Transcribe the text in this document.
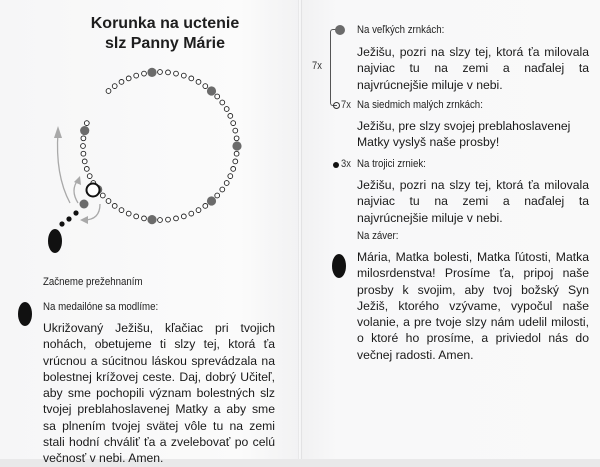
Korunka na uctenie
slz Panny Márie
Začneme prežehnaním
Na medailóne sa modlíme:
Ukrižovaný Ježišu, kľačiac pri tvojich nohách, obetujeme ti slzy tej, ktorá ťa vrúcnou a súcitnou láskou sprevádzala na bolestnej krížovej ceste. Daj, dobrý Učiteľ, aby sme pochopili význam bolestných slz tvojej preblahoslavenej Matky a aby sme sa plnením tvojej svätej vôle tu na zemi stali hodní chváliť ťa a zvelebovať po celú večnosť v nebi. Amen.
7x
Na veľkých zrnkách:
Ježišu, pozri na slzy tej, ktorá ťa milovala najviac tu na zemi a naďalej ta najvrúcnejšie miluje v nebi.
7x Na siedmich malých zrnkách:
Ježišu, pre slzy svojej preblahoslavenej Matky vyslyš naše prosby!
3x Na trojici zrniek:
Ježišu, pozri na slzy tej, ktorá ťa milovala najviac tu na zemi a naďalej ta najvrúcnejšie miluje v nebi.
Na záver:
Mária, Matka bolesti, Matka ľútosti, Matka milosrdenstva! Prosíme ťa, pripoj naše prosby k svojim, aby tvoj božský Syn Ježiš, ktorého vzývame, vypočul naše volanie, a pre tvoje slzy nám udelil milosti, o ktoré ho prosíme, a priviedol nás do večnej radosti. Amen.
